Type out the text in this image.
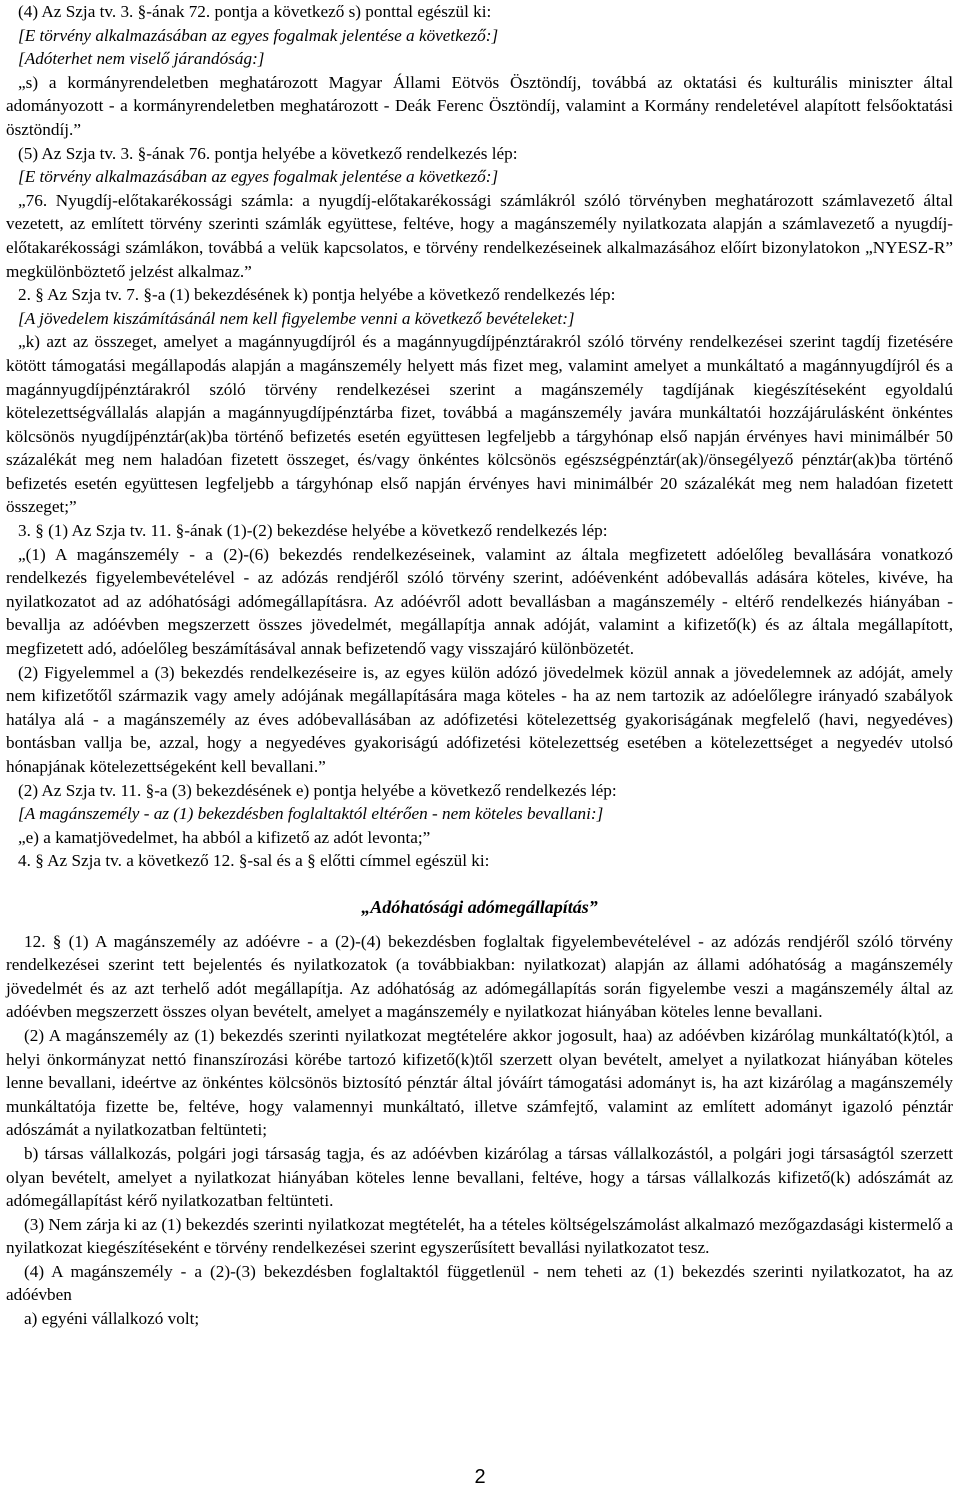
(4) Az Szja tv. 3. §-ának 72. pontja a következő s) ponttal egészül ki:

[E törvény alkalmazásában az egyes fogalmak jelentése a következő:]

[Adóterhet nem viselő járandóság:]

„s) a kormányrendeletben meghatározott Magyar Állami Eötvös Ösztöndíj, továbbá az oktatási és kulturális miniszter által adományozott - a kormányrendeletben meghatározott - Deák Ferenc Ösztöndíj, valamint a Kormány rendeletével alapított felsőoktatási ösztöndíj.”

(5) Az Szja tv. 3. §-ának 76. pontja helyébe a következő rendelkezés lép:

[E törvény alkalmazásában az egyes fogalmak jelentése a következő:]

„76. Nyugdíj-előtakarékossági számla: a nyugdíj-előtakarékossági számlákról szóló törvényben meghatározott számlavezető által vezetett, az említett törvény szerinti számlák együttese, feltéve, hogy a magánszemély nyilatkozata alapján a számlavezető a nyugdíj-előtakarékossági számlákon, továbbá a velük kapcsolatos, e törvény rendelkezéseinek alkalmazásához előírt bizonylatokon „NYESZ-R” megkülönböztető jelzést alkalmaz.”

2. § Az Szja tv. 7. §-a (1) bekezdésének k) pontja helyébe a következő rendelkezés lép:

[A jövedelem kiszámításánál nem kell figyelembe venni a következő bevételeket:]

„k) azt az összeget, amelyet a magánnyugdíjról és a magánnyugdíjpénztárakról szóló törvény rendelkezései szerint tagdíj fizetésére kötött támogatási megállapodás alapján a magánszemély helyett más fizet meg, valamint amelyet a munkáltató a magánnyugdíjról és a magánnyugdíjpénztárakról szóló törvény rendelkezései szerint a magánszemély tagdíjának kiegészítéseként egyoldalú kötelezettségvállalás alapján a magánnyugdíjpénztárba fizet, továbbá a magánszemély javára munkáltatói hozzájárulásként önkéntes kölcsönös nyugdíjpénztár(ak)ba történő befizetés esetén együttesen legfeljebb a tárgyhónap első napján érvényes havi minimálbér 50 százalékát meg nem haladóan fizetett összeget, és/vagy önkéntes kölcsönös egészségpénztár(ak)/önsegélyező pénztár(ak)ba történő befizetés esetén együttesen legfeljebb a tárgyhónap első napján érvényes havi minimálbér 20 százalékát meg nem haladóan fizetett összeget;”

3. § (1) Az Szja tv. 11. §-ának (1)-(2) bekezdése helyébe a következő rendelkezés lép:

„(1) A magánszemély - a (2)-(6) bekezdés rendelkezéseinek, valamint az általa megfizetett adóelőleg bevallására vonatkozó rendelkezés figyelembevételével - az adózás rendjéről szóló törvény szerint, adóévenként adóbevallás adására köteles, kivéve, ha nyilatkozatot ad az adóhatósági adómegállapításra. Az adóévről adott bevallásban a magánszemély - eltérő rendelkezés hiányában - bevallja az adóévben megszerzett összes jövedelmét, megállapítja annak adóját, valamint a kifizető(k) és az általa megállapított, megfizetett adó, adóelőleg beszámításával annak befizetendő vagy visszajáró különbözetét.

(2) Figyelemmel a (3) bekezdés rendelkezéseire is, az egyes külön adózó jövedelmek közül annak a jövedelemnek az adóját, amely nem kifizetőtől származik vagy amely adójának megállapítására maga köteles - ha az nem tartozik az adóelőlegre irányadó szabályok hatálya alá - a magánszemély az éves adóbevallásában az adófizetési kötelezettség gyakoriságának megfelelő (havi, negyedéves) bontásban vallja be, azzal, hogy a negyedéves gyakoriságú adófizetési kötelezettség esetében a kötelezettséget a negyedév utolsó hónapjának kötelezettségeként kell bevallani.”

(2) Az Szja tv. 11. §-a (3) bekezdésének e) pontja helyébe a következő rendelkezés lép:

[A magánszemély - az (1) bekezdésben foglaltaktól eltérően - nem köteles bevallani:]

„e) a kamatjövedelmet, ha abból a kifizető az adót levonta;”

4. § Az Szja tv. a következő 12. §-sal és a § előtti címmel egészül ki:

„Adóhatósági adómegállapítás”

12. § (1) A magánszemély az adóévre - a (2)-(4) bekezdésben foglaltak figyelembevételével - az adózás rendjéről szóló törvény rendelkezései szerint tett bejelentés és nyilatkozatok (a továbbiakban: nyilatkozat) alapján az állami adóhatóság a magánszemély jövedelmét és az azt terhelő adót megállapítja. Az adóhatóság az adómegállapítás során figyelembe veszi a magánszemély által az adóévben megszerzett összes olyan bevételt, amelyet a magánszemély e nyilatkozat hiányában köteles lenne bevallani.

(2) A magánszemély az (1) bekezdés szerinti nyilatkozat megtételére akkor jogosult, haa) az adóévben kizárólag munkáltató(k)tól, a helyi önkormányzat nettó finanszírozási körébe tartozó kifizető(k)től szerzett olyan bevételt, amelyet a nyilatkozat hiányában köteles lenne bevallani, ideértve az önkéntes kölcsönös biztosító pénztár által jóváírt támogatási adományt is, ha azt kizárólag a magánszemély munkáltatója fizette be, feltéve, hogy valamennyi munkáltató, illetve számfejtő, valamint az említett adományt igazoló pénztár adószámát a nyilatkozatban feltünteti;

b) társas vállalkozás, polgári jogi társaság tagja, és az adóévben kizárólag a társas vállalkozástól, a polgári jogi társaságtól szerzett olyan bevételt, amelyet a nyilatkozat hiányában köteles lenne bevallani, feltéve, hogy a társas vállalkozás kifizető(k) adószámát az adómegállapítást kérő nyilatkozatban feltünteti.

(3) Nem zárja ki az (1) bekezdés szerinti nyilatkozat megtételét, ha a tételes költségelszámolást alkalmazó mezőgazdasági kistermelő a nyilatkozat kiegészítéseként e törvény rendelkezései szerint egyszerűsített bevallási nyilatkozatot tesz.

(4) A magánszemély - a (2)-(3) bekezdésben foglaltaktól függetlenül - nem teheti az (1) bekezdés szerinti nyilatkozatot, ha az adóévben

a) egyéni vállalkozó volt;

2
